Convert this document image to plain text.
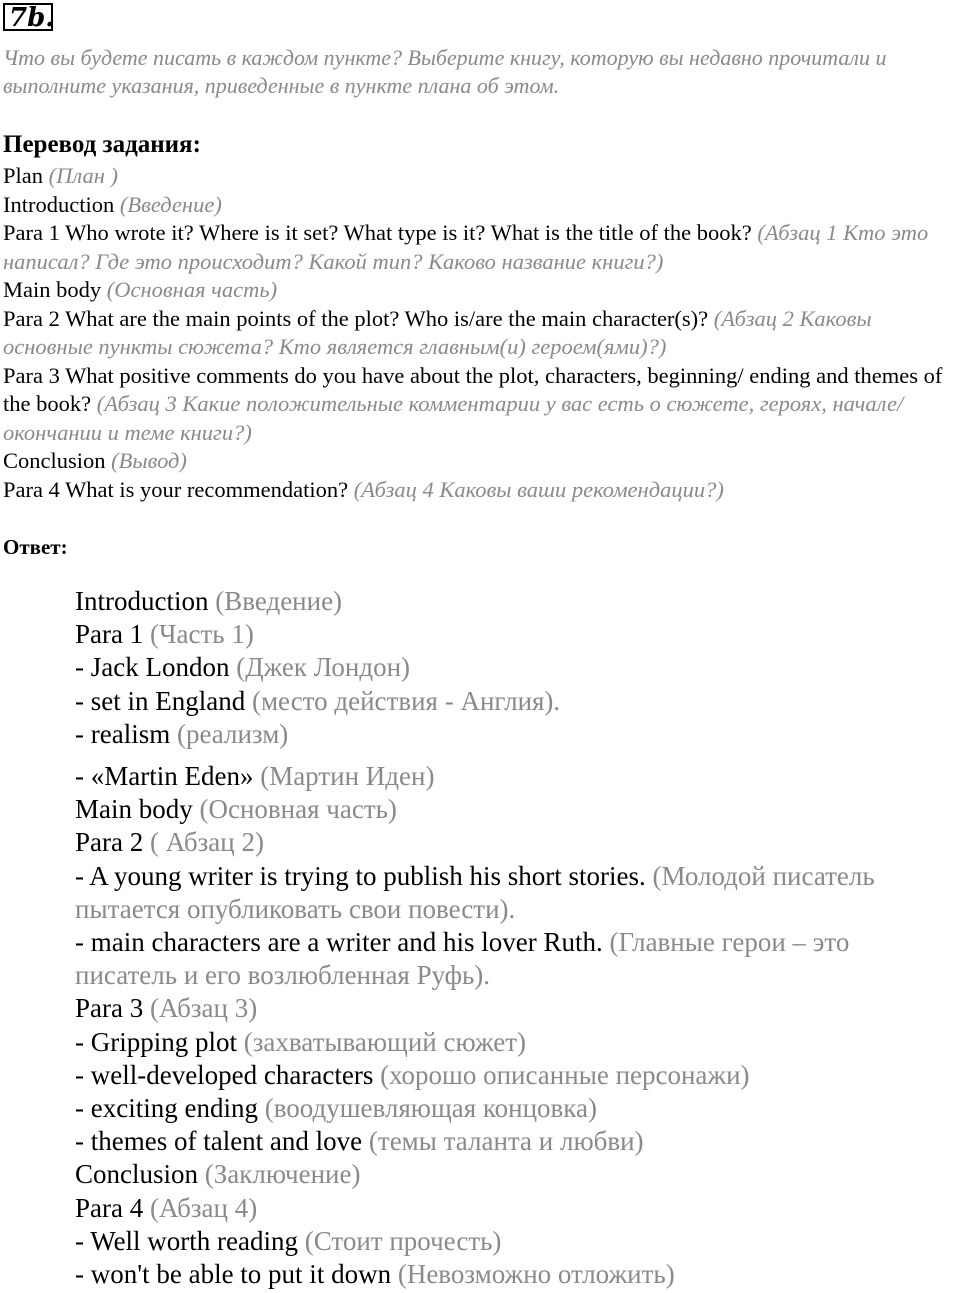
7b.
Что вы будете писать в каждом пункте? Выберите книгу, которую вы недавно прочитали и выполните указания, приведенные в пункте плана об этом.
Перевод задания:
Plan (План )
Introduction (Введение)
Para 1 Who wrote it? Where is it set? What type is it? What is the title of the book? (Абзац 1 Кто это написал? Где это происходит? Какой тип? Каково название книги?)
Main body (Основная часть)
Para 2 What are the main points of the plot? Who is/are the main character(s)? (Абзац 2 Каковы основные пункты сюжета? Кто является главным(и) героем(ями)?)
Para 3 What positive comments do you have about the plot, characters, beginning/ ending and themes of the book? (Абзац 3 Какие положительные комментарии у вас есть о сюжете, героях, начале/окончании и теме книги?)
Conclusion (Вывод)
Para 4 What is your recommendation? (Абзац 4 Каковы ваши рекомендации?)
Ответ:
Introduction (Введение)
Para 1 (Часть 1)
- Jack London (Джек Лондон)
- set in England (место действия - Англия).
- realism (реализм)
- «Martin Eden» (Мартин Иден)
Main body (Основная часть)
Para 2 ( Абзац 2)
- A young writer is trying to publish his short stories. (Молодой писатель пытается опубликовать свои повести).
- main characters are a writer and his lover Ruth. (Главные герои – это писатель и его возлюбленная Руфь).
Para 3 (Абзац 3)
- Gripping plot (захватывающий сюжет)
- well-developed characters (хорошо описанные персонажи)
- exciting ending (воодушевляющая концовка)
- themes of talent and love (темы таланта и любви)
Conclusion (Заключение)
Para 4 (Абзац 4)
- Well worth reading (Стоит прочесть)
- won't be able to put it down (Невозможно отложить)
